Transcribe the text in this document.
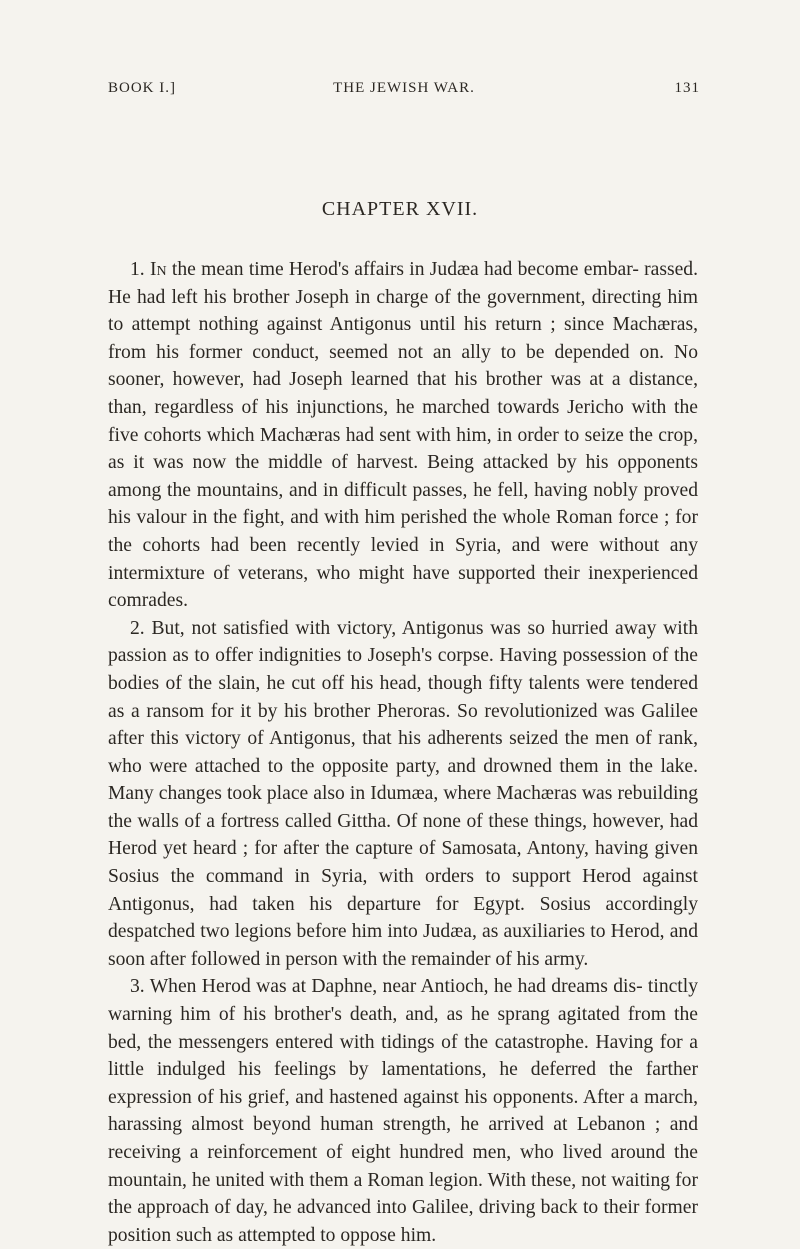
BOOK I.]	THE JEWISH WAR.	131
CHAPTER XVII.

1. In the mean time Herod's affairs in Judæa had become embar- rassed. He had left his brother Joseph in charge of the government, directing him to attempt nothing against Antigonus until his return ; since Machæras, from his former conduct, seemed not an ally to be depended on. No sooner, however, had Joseph learned that his brother was at a distance, than, regardless of his injunctions, he marched towards Jericho with the five cohorts which Machæras had sent with him, in order to seize the crop, as it was now the middle of harvest. Being attacked by his opponents among the mountains, and in difficult passes, he fell, having nobly proved his valour in the fight, and with him perished the whole Roman force ; for the cohorts had been recently levied in Syria, and were without any intermixture of veterans, who might have supported their inexperienced comrades.

2. But, not satisfied with victory, Antigonus was so hurried away with passion as to offer indignities to Joseph's corpse. Having possession of the bodies of the slain, he cut off his head, though fifty talents were tendered as a ransom for it by his brother Pheroras. So revolutionized was Galilee after this victory of Antigonus, that his adherents seized the men of rank, who were attached to the opposite party, and drowned them in the lake. Many changes took place also in Idumæa, where Machæras was rebuilding the walls of a fortress called Gittha. Of none of these things, however, had Herod yet heard ; for after the capture of Samosata, Antony, having given Sosius the command in Syria, with orders to support Herod against Antigonus, had taken his departure for Egypt. Sosius accordingly despatched two legions before him into Judæa, as auxiliaries to Herod, and soon after followed in person with the remainder of his army.

3. When Herod was at Daphne, near Antioch, he had dreams dis- tinctly warning him of his brother's death, and, as he sprang agitated from the bed, the messengers entered with tidings of the catastrophe. Having for a little indulged his feelings by lamentations, he deferred the farther expression of his grief, and hastened against his opponents. After a march, harassing almost beyond human strength, he arrived at Lebanon ; and receiving a reinforcement of eight hundred men, who lived around the mountain, he united with them a Roman legion. With these, not waiting for the approach of day, he advanced into Galilee, driving back to their former position such as attempted to oppose him.
